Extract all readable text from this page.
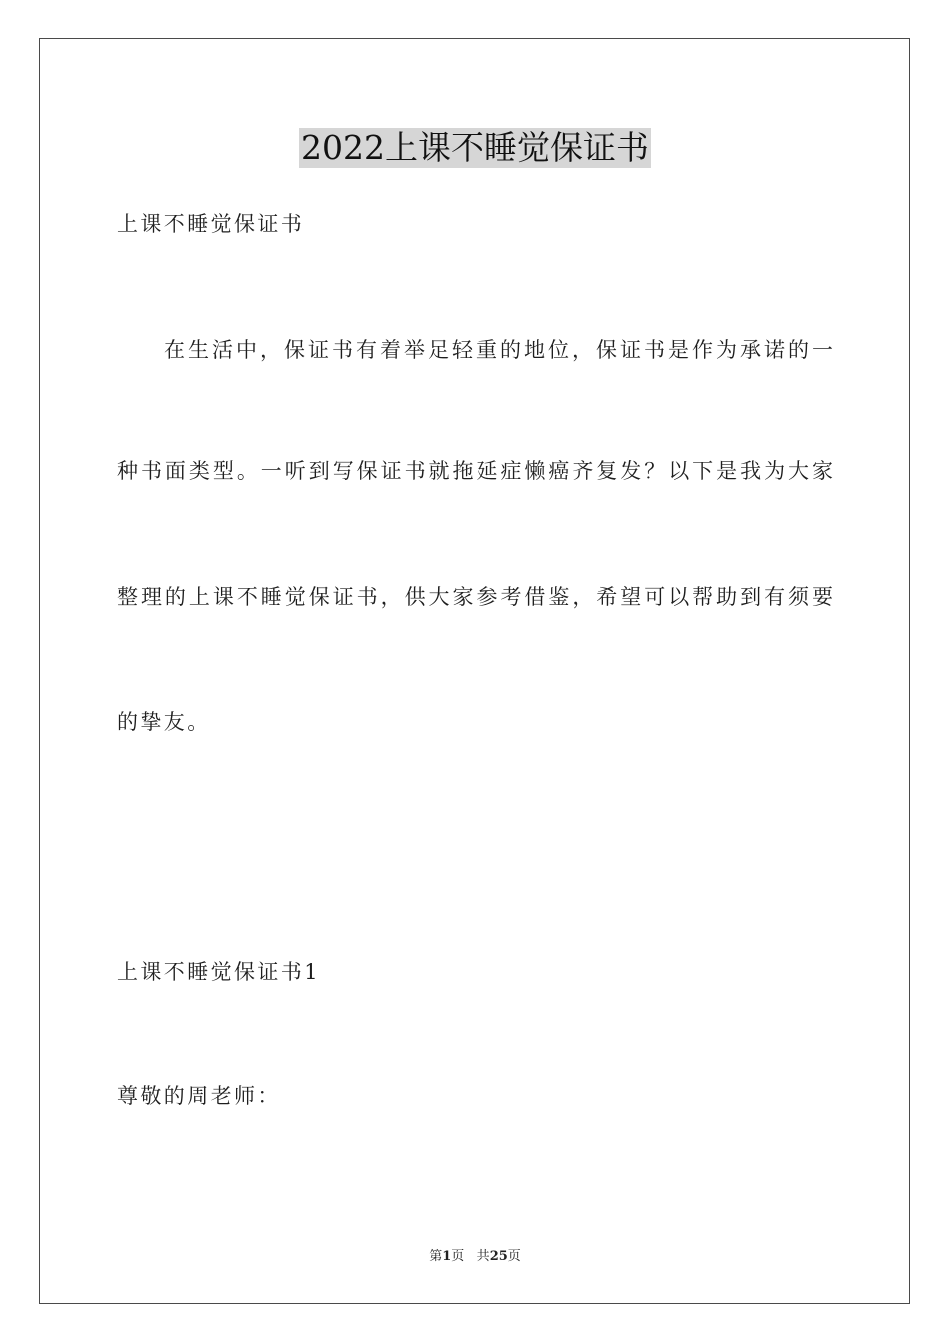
2022上课不睡觉保证书
上课不睡觉保证书
在生活中，保证书有着举足轻重的地位，保证书是作为承诺的一
种书面类型。一听到写保证书就拖延症懒癌齐复发？以下是我为大家
整理的上课不睡觉保证书，供大家参考借鉴，希望可以帮助到有须要
的挚友。
上课不睡觉保证书1
尊敬的周老师：
第1页 共25页
